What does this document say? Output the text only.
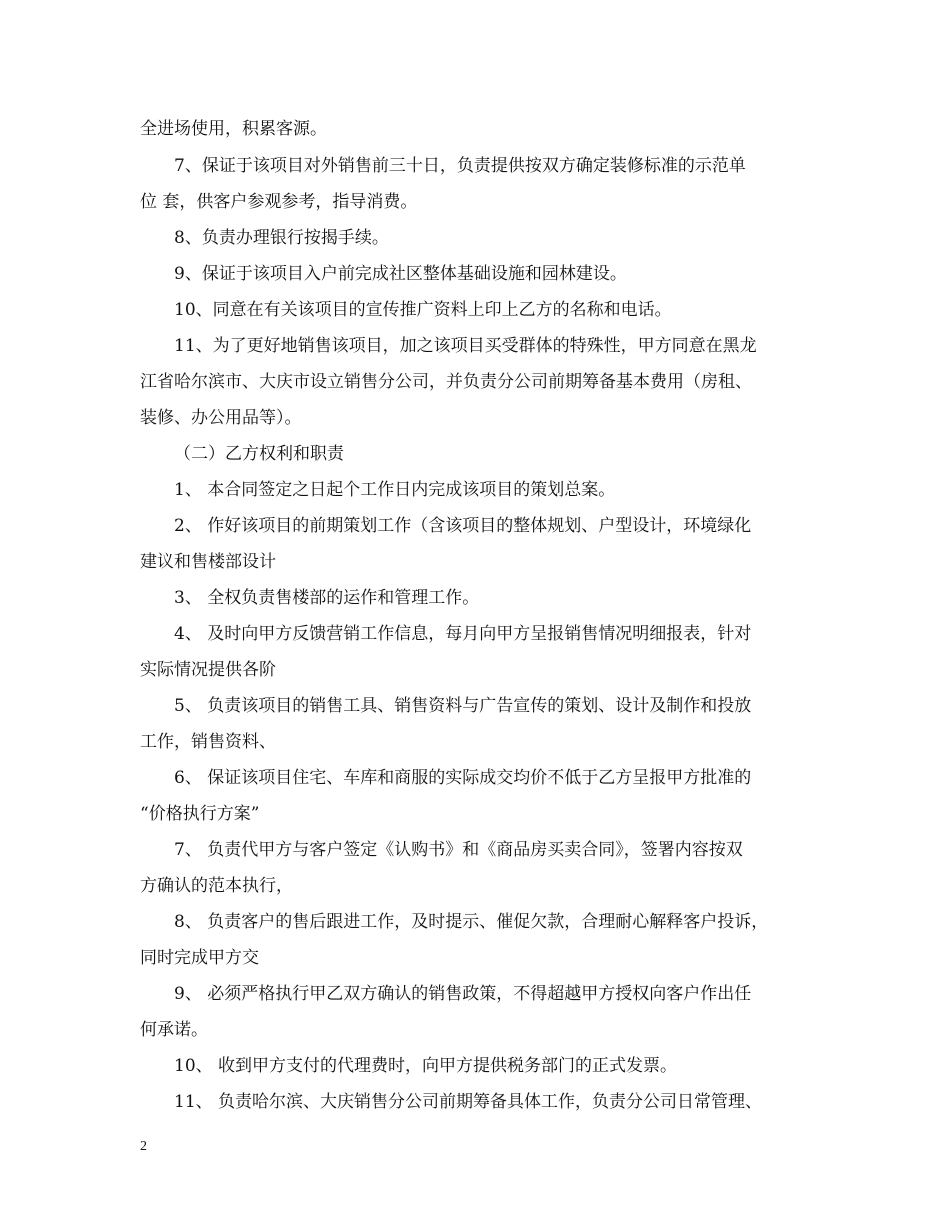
全进场使用，积累客源。
7、保证于该项目对外销售前三十日，负责提供按双方确定装修标准的示范单
位 套，供客户参观参考，指导消费。
8、负责办理银行按揭手续。
9、保证于该项目入户前完成社区整体基础设施和园林建设。
10、同意在有关该项目的宣传推广资料上印上乙方的名称和电话。
11、为了更好地销售该项目，加之该项目买受群体的特殊性，甲方同意在黑龙
江省哈尔滨市、大庆市设立销售分公司，并负责分公司前期筹备基本费用（房租、
装修、办公用品等）。
（二）乙方权利和职责
1、 本合同签定之日起个工作日内完成该项目的策划总案。
2、 作好该项目的前期策划工作（含该项目的整体规划、户型设计，环境绿化
建议和售楼部设计
3、 全权负责售楼部的运作和管理工作。
4、 及时向甲方反馈营销工作信息，每月向甲方呈报销售情况明细报表，针对
实际情况提供各阶
5、 负责该项目的销售工具、销售资料与广告宣传的策划、设计及制作和投放
工作，销售资料、
6、 保证该项目住宅、车库和商服的实际成交均价不低于乙方呈报甲方批准的
“价格执行方案”
7、 负责代甲方与客户签定《认购书》和《商品房买卖合同》，签署内容按双
方确认的范本执行，
8、 负责客户的售后跟进工作，及时提示、催促欠款，合理耐心解释客户投诉，
同时完成甲方交
9、 必须严格执行甲乙双方确认的销售政策，不得超越甲方授权向客户作出任
何承诺。
10、 收到甲方支付的代理费时，向甲方提供税务部门的正式发票。
11、 负责哈尔滨、大庆销售分公司前期筹备具体工作，负责分公司日常管理、
2
